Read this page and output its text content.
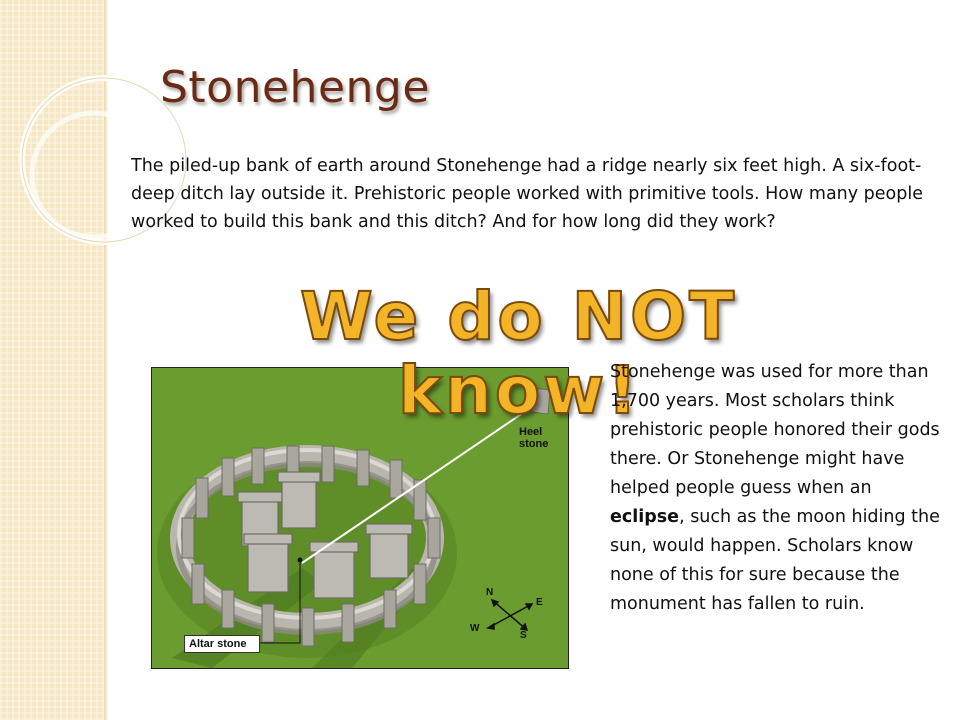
Stonehenge
The piled-up bank of earth around Stonehenge had a ridge nearly six feet high. A six-foot-deep ditch lay outside it. Prehistoric people worked with primitive tools. How many people worked to build this bank and this ditch? And for how long did they work?
Heel stone
Altar stone
N
E
S
W
We do NOT
know!
Stonehenge was used for more than 1,700 years. Most scholars think prehistoric people honored their gods there. Or Stonehenge might have helped people guess when an eclipse, such as the moon hiding the sun, would happen. Scholars know none of this for sure because the monument has fallen to ruin.
